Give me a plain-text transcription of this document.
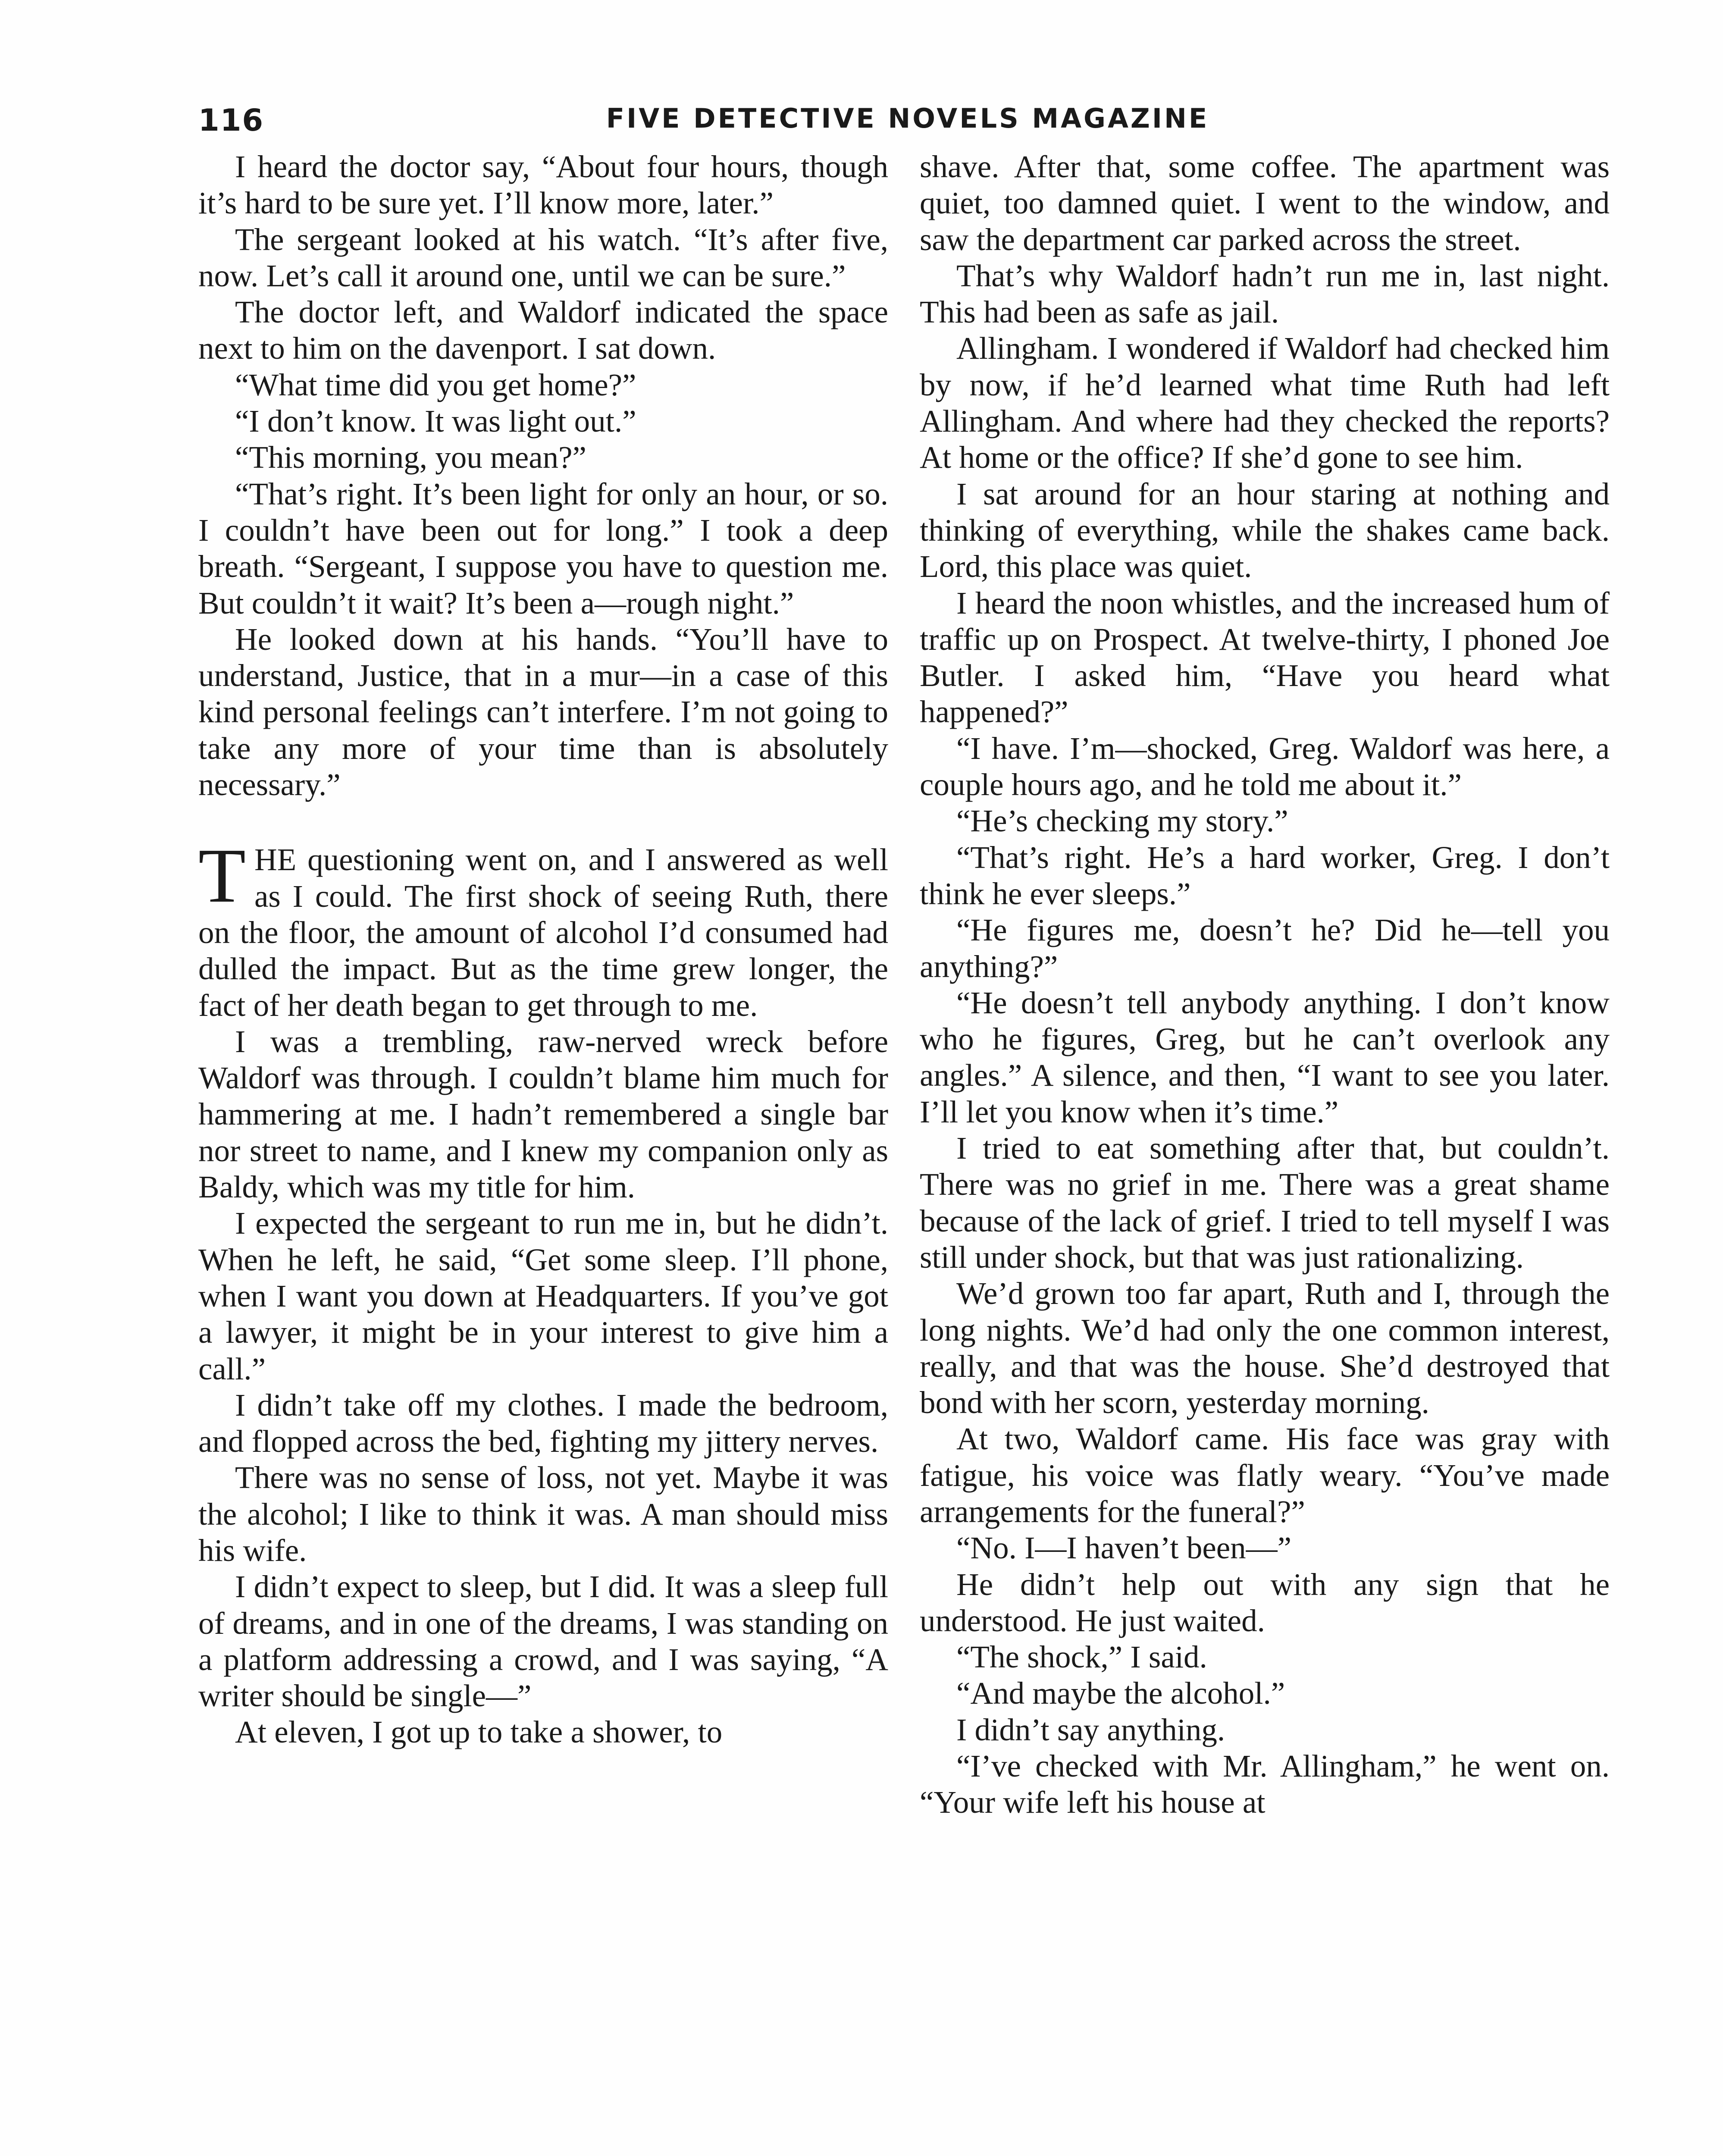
116	FIVE DETECTIVE NOVELS MAGAZINE

I heard the doctor say, “About four hours, though it’s hard to be sure yet. I’ll know more, later.”

The sergeant looked at his watch. “It’s after five, now. Let’s call it around one, until we can be sure.”

The doctor left, and Waldorf indicated the space next to him on the davenport. I sat down.

“What time did you get home?”

“I don’t know. It was light out.”

“This morning, you mean?”

“That’s right. It’s been light for only an hour, or so. I couldn’t have been out for long.” I took a deep breath. “Sergeant, I suppose you have to question me. But couldn’t it wait? It’s been a—rough night.”

He looked down at his hands. “You’ll have to understand, Justice, that in a mur—in a case of this kind personal feelings can’t interfere. I’m not going to take any more of your time than is absolutely necessary.”

THE questioning went on, and I answered as well as I could. The first shock of seeing Ruth, there on the floor, the amount of alcohol I’d consumed had dulled the impact. But as the time grew longer, the fact of her death began to get through to me.

I was a trembling, raw-nerved wreck before Waldorf was through. I couldn’t blame him much for hammering at me. I hadn’t remembered a single bar nor street to name, and I knew my companion only as Baldy, which was my title for him.

I expected the sergeant to run me in, but he didn’t. When he left, he said, “Get some sleep. I’ll phone, when I want you down at Headquarters. If you’ve got a lawyer, it might be in your interest to give him a call.”

I didn’t take off my clothes. I made the bedroom, and flopped across the bed, fighting my jittery nerves.

There was no sense of loss, not yet. Maybe it was the alcohol; I like to think it was. A man should miss his wife.

I didn’t expect to sleep, but I did. It was a sleep full of dreams, and in one of the dreams, I was standing on a platform addressing a crowd, and I was saying, “A writer should be single—”

At eleven, I got up to take a shower, to

shave. After that, some coffee. The apartment was quiet, too damned quiet. I went to the window, and saw the department car parked across the street.

That’s why Waldorf hadn’t run me in, last night. This had been as safe as jail.

Allingham. I wondered if Waldorf had checked him by now, if he’d learned what time Ruth had left Allingham. And where had they checked the reports? At home or the office? If she’d gone to see him.

I sat around for an hour staring at nothing and thinking of everything, while the shakes came back. Lord, this place was quiet.

I heard the noon whistles, and the increased hum of traffic up on Prospect. At twelve-thirty, I phoned Joe Butler. I asked him, “Have you heard what happened?”

“I have. I’m—shocked, Greg. Waldorf was here, a couple hours ago, and he told me about it.”

“He’s checking my story.”

“That’s right. He’s a hard worker, Greg. I don’t think he ever sleeps.”

“He figures me, doesn’t he? Did he—tell you anything?”

“He doesn’t tell anybody anything. I don’t know who he figures, Greg, but he can’t overlook any angles.” A silence, and then, “I want to see you later. I’ll let you know when it’s time.”

I tried to eat something after that, but couldn’t. There was no grief in me. There was a great shame because of the lack of grief. I tried to tell myself I was still under shock, but that was just rationalizing.

We’d grown too far apart, Ruth and I, through the long nights. We’d had only the one common interest, really, and that was the house. She’d destroyed that bond with her scorn, yesterday morning.

At two, Waldorf came. His face was gray with fatigue, his voice was flatly weary. “You’ve made arrangements for the funeral?”

“No. I—I haven’t been—”

He didn’t help out with any sign that he understood. He just waited.

“The shock,” I said.

“And maybe the alcohol.”

I didn’t say anything.

“I’ve checked with Mr. Allingham,” he went on. “Your wife left his house at
